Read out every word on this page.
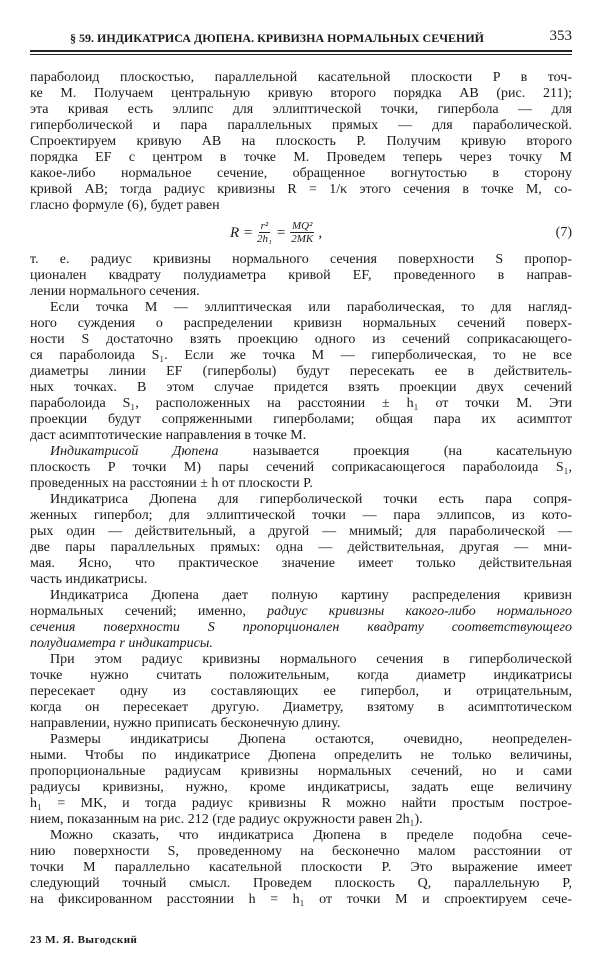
§ 59. ИНДИКАТРИСА ДЮПЕНА. КРИВИЗНА НОРМАЛЬНЫХ СЕЧЕНИЙ	353
параболоид плоскостью, параллельной касательной плоскости P в точ-
ке M. Получаем центральную кривую второго порядка AB (рис. 211);
эта кривая есть эллипс для эллиптической точки, гипербола — для
гиперболической и пара параллельных прямых — для параболической.
Спроектируем кривую AB на плоскость P. Получим кривую второго
порядка EF с центром в точке M. Проведем теперь через точку M
какое-либо нормальное сечение, обращенное вогнутостью в сторону
кривой AB; тогда радиус кривизны R = 1/κ этого сечения в точке M, со-
гласно формуле (6), будет равен
$R = \frac{\text{r²}}{\text{2h₁}} = \frac{\text{MQ²}}{2MK}$ ,	(7)
т. е. радиус кривизны нормального сечения поверхности S пропор-
ционален квадрату полудиаметра кривой EF, проведенного в направ-
лении нормального сечения.
Если точка M — эллиптическая или параболическая, то для нагляд-
ного суждения о распределении кривизн нормальных сечений поверх-
ности S достаточно взять проекцию одного из сечений соприкасающего-
ся параболоида S₁. Если же точка M — гиперболическая, то не все
диаметры линии EF (гиперболы) будут пересекать ее в действитель-
ных точках. В этом случае придется взять проекции двух сечений
параболоида S₁, расположенных на расстоянии ± h₁ от точки M. Эти
проекции будут сопряженными гиперболами; общая пара их асимптот
даст асимптотические направления в точке M.
Индикатрисой Дюпена называется проекция (на касательную
плоскость P точки M) пары сечений соприкасающегося параболоида S₁,
проведенных на расстоянии ± h от плоскости P.
Индикатриса Дюпена для гиперболической точки есть пара сопря-
женных гипербол; для эллиптической точки — пара эллипсов, из кото-
рых один — действительный, а другой — мнимый; для параболической —
две пары параллельных прямых: одна — действительная, другая — мни-
мая. Ясно, что практическое значение имеет только действительная
часть индикатрисы.
Индикатриса Дюпена дает полную картину распределения кривизн
нормальных сечений; именно, радиус кривизны какого-либо нормального
сечения поверхности S пропорционален квадрату соответствующего
полудиаметра r индикатрисы.
При этом радиус кривизны нормального сечения в гиперболической
точке нужно считать положительным, когда диаметр индикатрисы
пересекает одну из составляющих ее гипербол, и отрицательным,
когда он пересекает другую. Диаметру, взятому в асимптотическом
направлении, нужно приписать бесконечную длину.
Размеры индикатрисы Дюпена остаются, очевидно, неопределен-
ными. Чтобы по индикатрисе Дюпена определить не только величины,
пропорциональные радиусам кривизны нормальных сечений, но и сами
радиусы кривизны, нужно, кроме индикатрисы, задать еще величину
h₁ = MK, и тогда радиус кривизны R можно найти простым построе-
нием, показанным на рис. 212 (где радиус окружности равен 2h₁).
Можно сказать, что индикатриса Дюпена в пределе подобна сече-
нию поверхности S, проведенному на бесконечно малом расстоянии от
точки M параллельно касательной плоскости P. Это выражение имеет
следующий точный смысл. Проведем плоскость Q, параллельную P,
на фиксированном расстоянии h = h₁ от точки M и спроектируем сече-
23 М. Я. Выгодский
